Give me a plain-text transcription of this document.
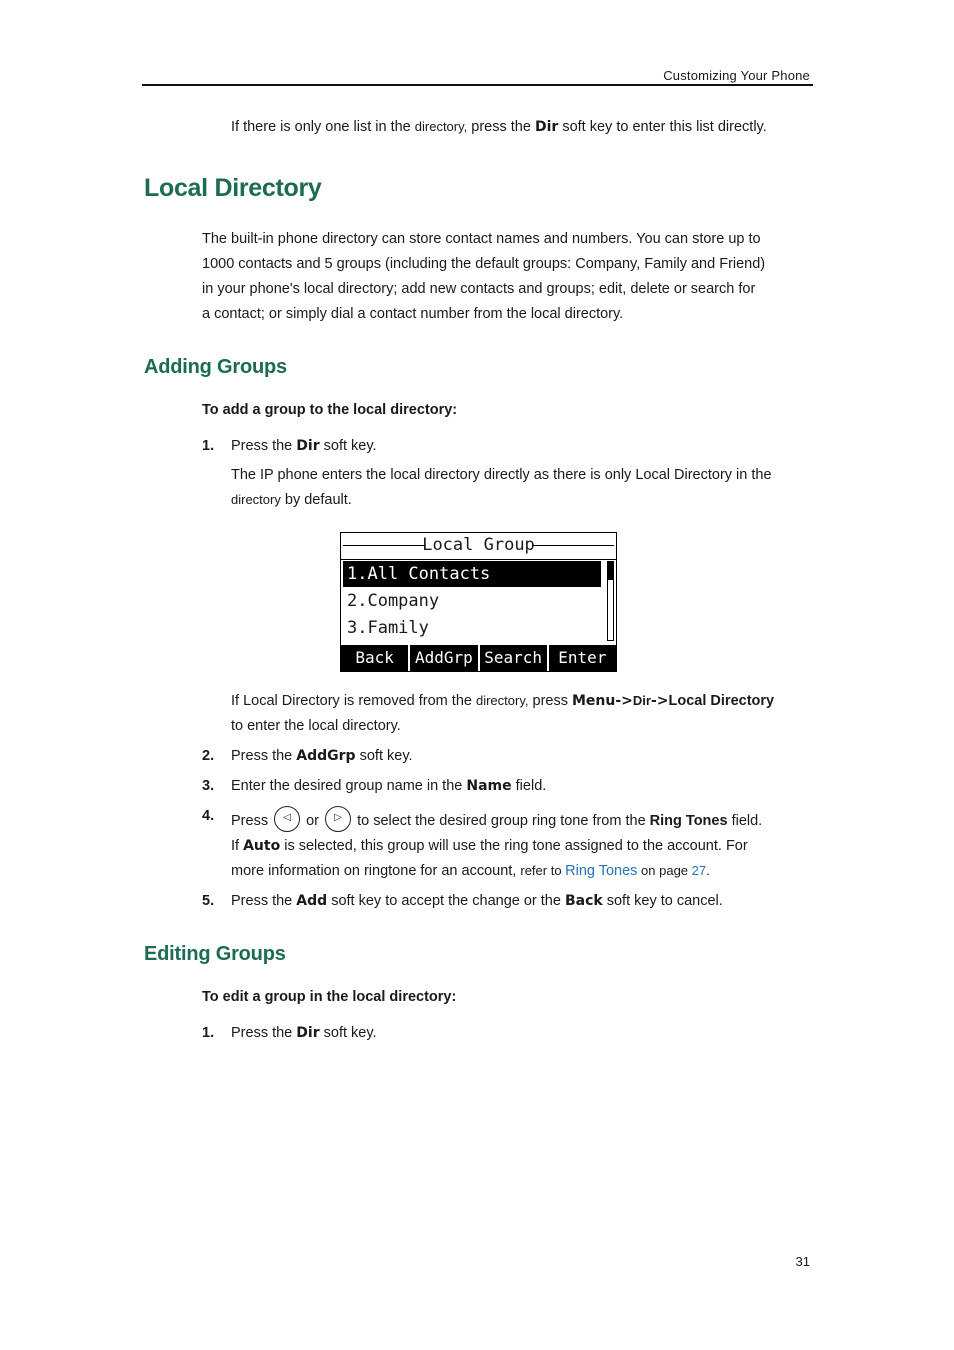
Customizing Your Phone
If there is only one list in the directory, press the Dir soft key to enter this list directly.
Local Directory
The built-in phone directory can store contact names and numbers. You can store up to
1000 contacts and 5 groups (including the default groups: Company, Family and Friend)
in your phone's local directory; add new contacts and groups; edit, delete or search for
a contact; or simply dial a contact number from the local directory.
Adding Groups
To add a group to the local directory:
1. Press the Dir soft key.
The IP phone enters the local directory directly as there is only Local Directory in the
directory by default.
Local Group
1.All Contacts
2.Company
3.Family
Back	AddGrp Search	Enter
If Local Directory is removed from the directory, press Menu->Dir->Local Directory
to enter the local directory.
2. Press the AddGrp soft key.
3. Enter the desired group name in the Name field.
4. Press	◁ or	▷ to select the desired group ring tone from the Ring Tones field.
If Auto is selected, this group will use the ring tone assigned to the account. For
more information on ringtone for an account, refer to Ring Tones on page 27.
5. Press the Add soft key to accept the change or the Back soft key to cancel.
Editing Groups
To edit a group in the local directory:
1. Press the Dir soft key.
31
